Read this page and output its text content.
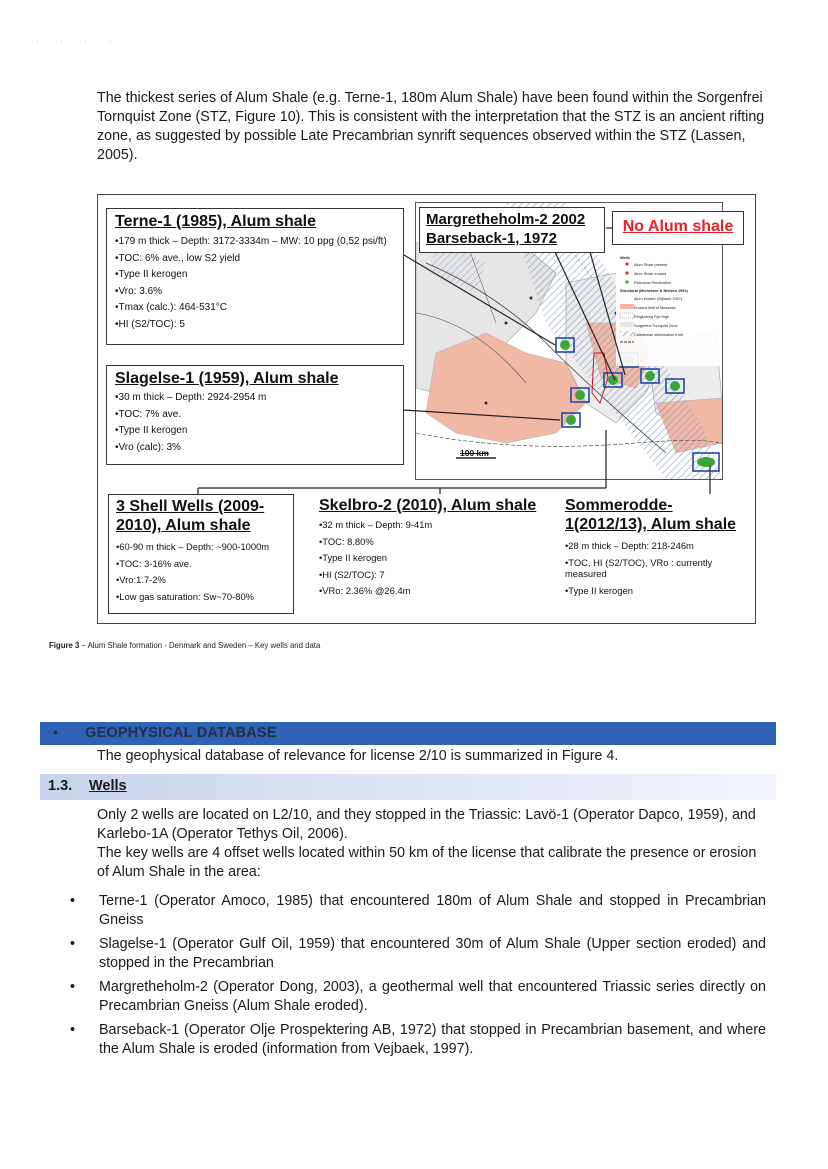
· · · ·
The thickest series of Alum Shale (e.g. Terne-1, 180m Alum Shale) have been found within the Sorgenfrei Tornquist Zone (STZ, Figure 10). This is consistent with the interpretation that the STZ is an ancient rifting zone, as suggested by possible Late Precambrian synrift sequences observed within the STZ (Lassen, 2005).
100 km
Wells
Alum Shale present
Alum Shale eroded
Paleozoic Penetration
Structural (Michelsen & Nielsen 1991)
Alum eroded (Vejbaek 1997)
Erosion limit of Mesozoic
Ringkobing Fyn High
Sorgenfrei Tornquist Zone
Caledonian deformation front
Terne-1 (1985), Alum shale
•179 m thick – Depth: 3172-3334m – MW: 10 ppg (0,52 psi/ft)
•TOC: 6% ave., low S2 yield
•Type II kerogen
•Vro: 3.6%
•Tmax (calc.): 464-531°C
•HI (S2/TOC): 5
Slagelse-1 (1959), Alum shale
•30 m thick – Depth: 2924-2954 m
•TOC: 7% ave.
•Type II kerogen
•Vro (calc): 3%
Margretheholm-2 2002
Barseback-1, 1972
No Alum shale
3 Shell Wells (2009-2010), Alum shale
•60-90 m thick – Depth: ~900-1000m
•TOC: 3-16% ave.
•Vro:1.7-2%
•Low gas saturation: Sw~70-80%
Skelbro-2 (2010), Alum shale
•32 m thick – Depth: 9-41m
•TOC: 8.80%
•Type II kerogen
•HI (S2/TOC): 7
•VRo: 2.36% @26.4m
Sommerodde-1(2012/13), Alum shale
•28 m thick – Depth: 218-246m
•TOC, HI (S2/TOC), VRo : currently measured
•Type II kerogen
Figure 3 – Alum Shale formation - Denmark and Sweden – Key wells and data
• GEOPHYSICAL DATABASE
The geophysical database of relevance for license 2/10 is summarized in Figure 4.
1.3. Wells
Only 2 wells are located on L2/10, and they stopped in the Triassic: Lavö-1 (Operator Dapco, 1959), and Karlebo-1A (Operator Tethys Oil, 2006).
The key wells are 4 offset wells located within 50 km of the license that calibrate the presence or erosion of Alum Shale in the area:
• Terne-1 (Operator Amoco, 1985) that encountered 180m of Alum Shale and stopped in Precambrian Gneiss
• Slagelse-1 (Operator Gulf Oil, 1959) that encountered 30m of Alum Shale (Upper section eroded) and stopped in the Precambrian
• Margretheholm-2 (Operator Dong, 2003), a geothermal well that encountered Triassic series directly on Precambrian Gneiss (Alum Shale eroded).
• Barseback-1 (Operator Olje Prospektering AB, 1972) that stopped in Precambrian basement, and where the Alum Shale is eroded (information from Vejbaek, 1997).
